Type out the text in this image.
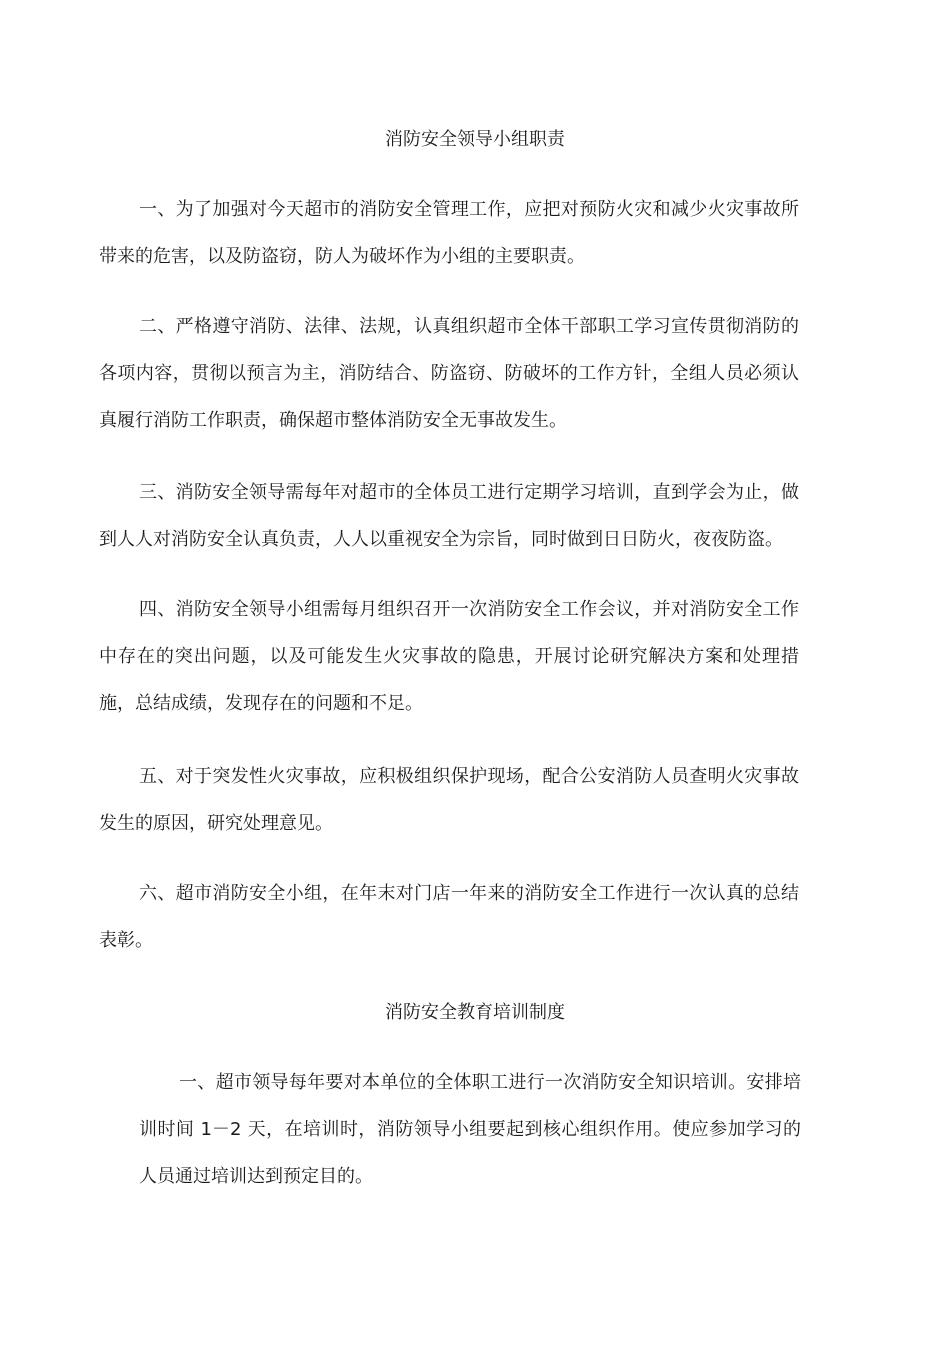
消防安全领导小组职责

一、为了加强对今天超市的消防安全管理工作，应把对预防火灾和减少火灾事故所带来的危害，以及防盗窃，防人为破坏作为小组的主要职责。

二、严格遵守消防、法律、法规，认真组织超市全体干部职工学习宣传贯彻消防的各项内容，贯彻以预言为主，消防结合、防盗窃、防破坏的工作方针，全组人员必须认真履行消防工作职责，确保超市整体消防安全无事故发生。

三、消防安全领导需每年对超市的全体员工进行定期学习培训，直到学会为止，做到人人对消防安全认真负责，人人以重视安全为宗旨，同时做到日日防火，夜夜防盗。

四、消防安全领导小组需每月组织召开一次消防安全工作会议，并对消防安全工作中存在的突出问题，以及可能发生火灾事故的隐患，开展讨论研究解决方案和处理措施，总结成绩，发现存在的问题和不足。

五、对于突发性火灾事故，应积极组织保护现场，配合公安消防人员查明火灾事故发生的原因，研究处理意见。

六、超市消防安全小组，在年末对门店一年来的消防安全工作进行一次认真的总结表彰。

消防安全教育培训制度

一、超市领导每年要对本单位的全体职工进行一次消防安全知识培训。安排培训时间 1－2 天，在培训时，消防领导小组要起到核心组织作用。使应参加学习的人员通过培训达到预定目的。
